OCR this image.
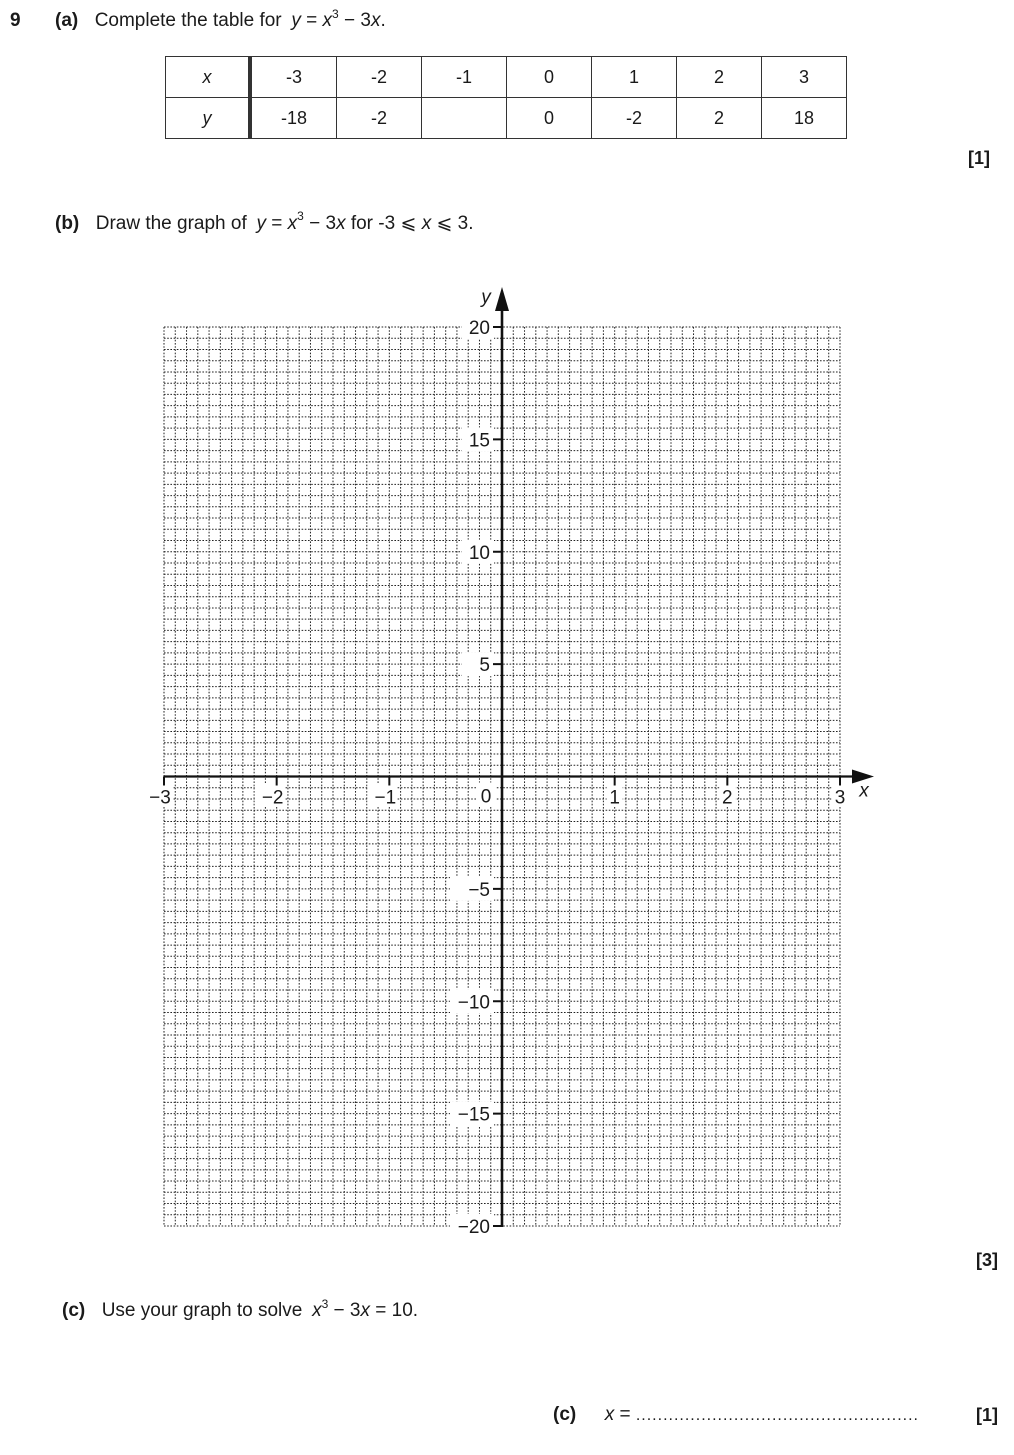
9 (a) Complete the table for $y = x^3 - 3x$.
x	-3	-2	-1	0	1	2	3
y	-18	-2		0	-2	2	18
[1]
(b) Draw the graph of $y = x^3 - 3x$ for -3 ⩽ x ⩽ 3.
−3	−2	−1	0	1	2	3
20
15
10
5
−5
−10
−15
−20
x
y
[3]
(c) Use your graph to solve $x^3 - 3x = 10$.
(c) x = ....................................................	[1]
